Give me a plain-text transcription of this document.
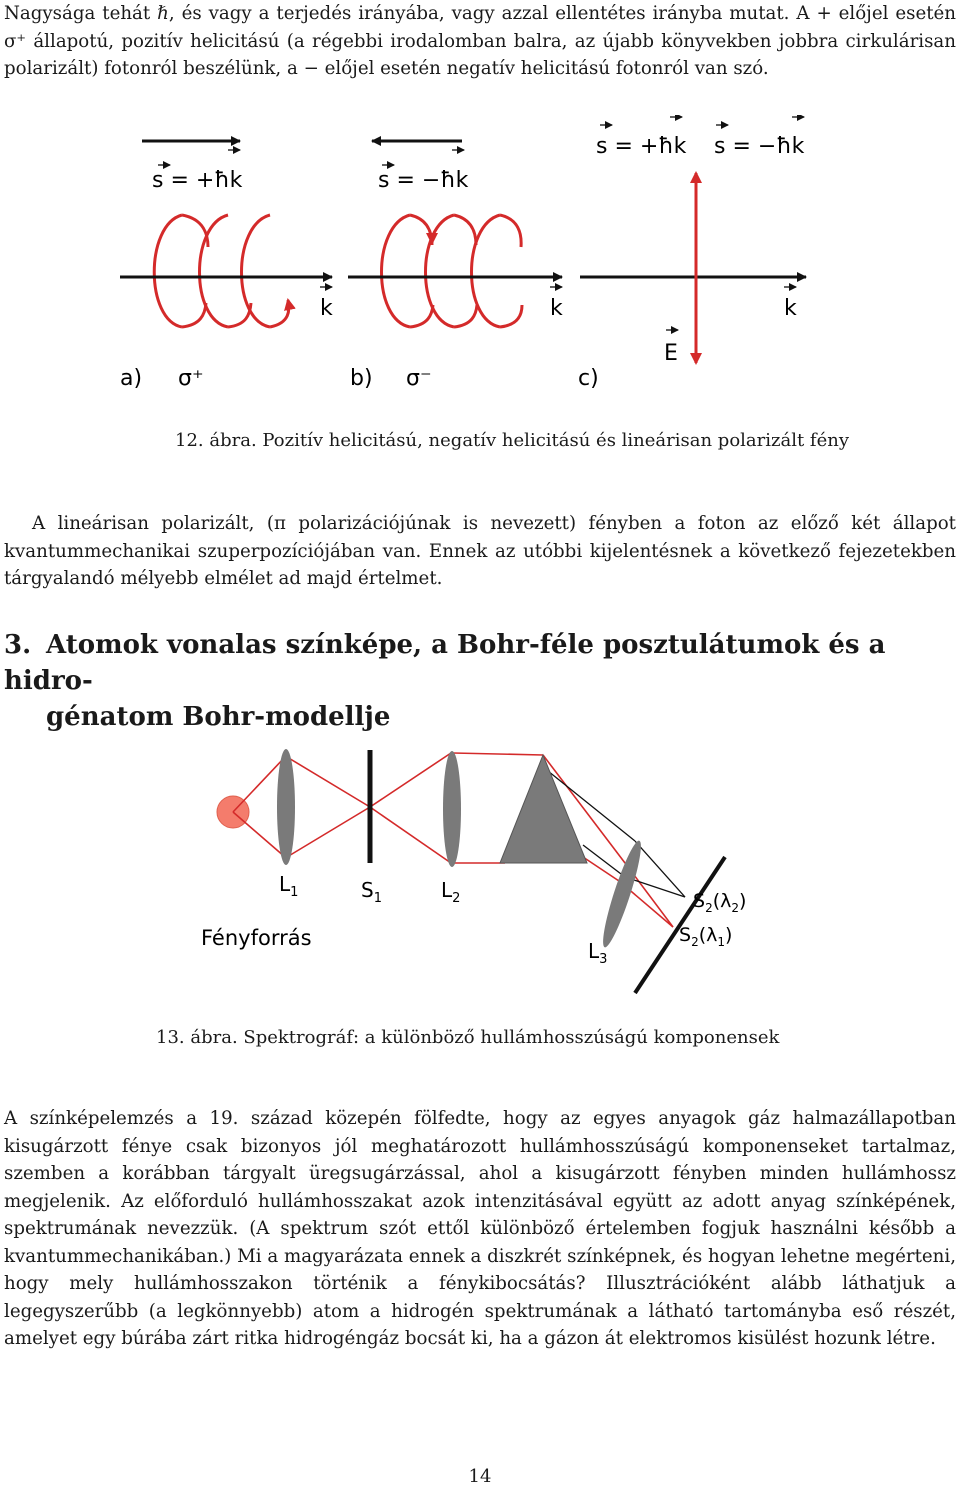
Nagysága tehát ℏ, és vagy a terjedés irányába, vagy azzal ellentétes irányba mutat. A + előjel esetén σ⁺ állapotú, pozitív helicitású (a régebbi irodalomban balra, az újabb könyvekben jobbra cirkulárisan polarizált) fotonról beszélünk, a − előjel esetén negatív helicitású fotonról van szó.

s = +ħk
k
a) σ⁺
s = −ħk
k
b) σ⁻
s = +ħk s = −ħk
k
E
c)

12. ábra. Pozitív helicitású, negatív helicitású és lineárisan polarizált fény

A lineárisan polarizált, (π polarizációjúnak is nevezett) fényben a foton az előző két állapot kvantummechanikai szuperpozíciójában van. Ennek az utóbbi kijelentésnek a következő fejezetekben tárgyalandó mélyebb elmélet ad majd értelmet.

3. Atomok vonalas színképe, a Bohr-féle posztulátumok és a hidro-
génatom Bohr-modellje
$L_1$	$S_1$	$L_2$
$L_3$
Fényforrás
$S_2(\lambda_2)$
$S_2(\lambda_1)$

13. ábra. Spektrográf: a különböző hullámhosszúságú komponensek

A színképelemzés a 19. század közepén fölfedte, hogy az egyes anyagok gáz halmazállapotban kisugárzott fénye csak bizonyos jól meghatározott hullámhosszúságú komponenseket tartalmaz, szemben a korábban tárgyalt üregsugárzással, ahol a kisugárzott fényben minden hullámhossz megjelenik. Az előforduló hullámhosszakat azok intenzitásával együtt az adott anyag színképének, spektrumának nevezzük. (A spektrum szót ettől különböző értelemben fogjuk használni később a kvantummechanikában.) Mi a magyarázata ennek a diszkrét színképnek, és hogyan lehetne megérteni, hogy mely hullámhosszakon történik a fénykibocsátás? Illusztrációként alább láthatjuk a legegyszerűbb (a legkönnyebb) atom a hidrogén spektrumának a látható tartományba eső részét, amelyet egy búrába zárt ritka hidrogéngáz bocsát ki, ha a gázon át elektromos kisülést hozunk létre.

14
